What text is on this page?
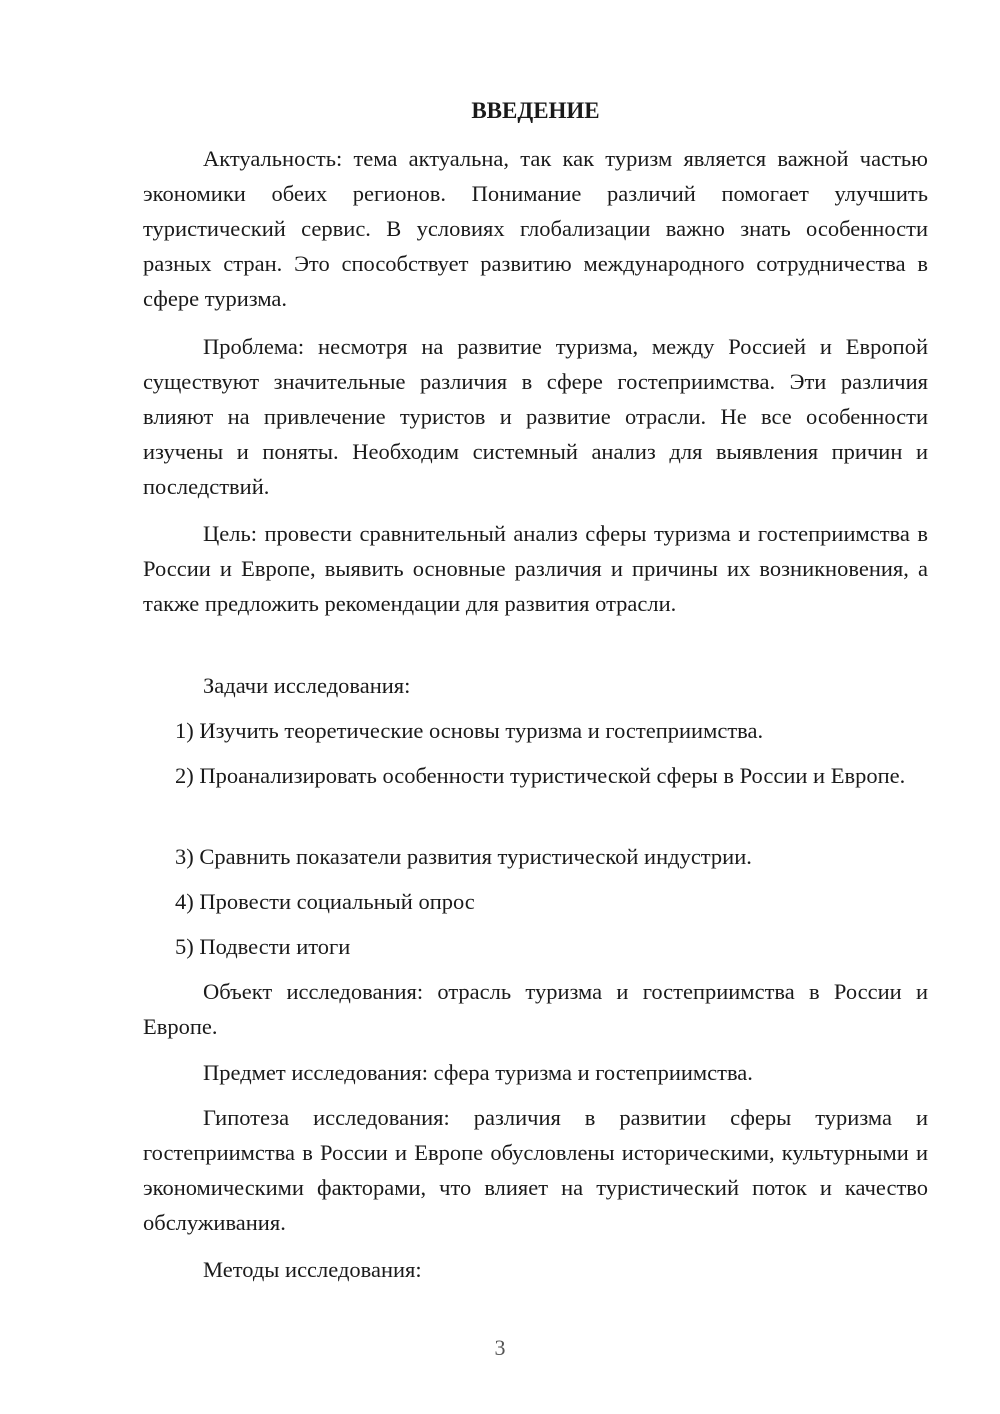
ВВЕДЕНИЕ

Актуальность: тема актуальна, так как туризм является важной частью экономики обеих регионов. Понимание различий помогает улучшить туристический сервис. В условиях глобализации важно знать особенности разных стран. Это способствует развитию международного сотрудничества в сфере туризма.

Проблема: несмотря на развитие туризма, между Россией и Европой существуют значительные различия в сфере гостеприимства. Эти различия влияют на привлечение туристов и развитие отрасли. Не все особенности изучены и поняты. Необходим системный анализ для выявления причин и последствий.

Цель: провести сравнительный анализ сферы туризма и гостеприимства в России и Европе, выявить основные различия и причины их возникновения, а также предложить рекомендации для развития отрасли.

Задачи исследования:

1) Изучить теоретические основы туризма и гостеприимства.

2) Проанализировать особенности туристической сферы в России и Европе.

3) Сравнить показатели развития туристической индустрии.

4) Провести социальный опрос

5) Подвести итоги

Объект исследования: отрасль туризма и гостеприимства в России и Европе.

Предмет исследования: сфера туризма и гостеприимства.

Гипотеза исследования: различия в развитии сферы туризма и гостеприимства в России и Европе обусловлены историческими, культурными и экономическими факторами, что влияет на туристический поток и качество обслуживания.

Методы исследования:

3
